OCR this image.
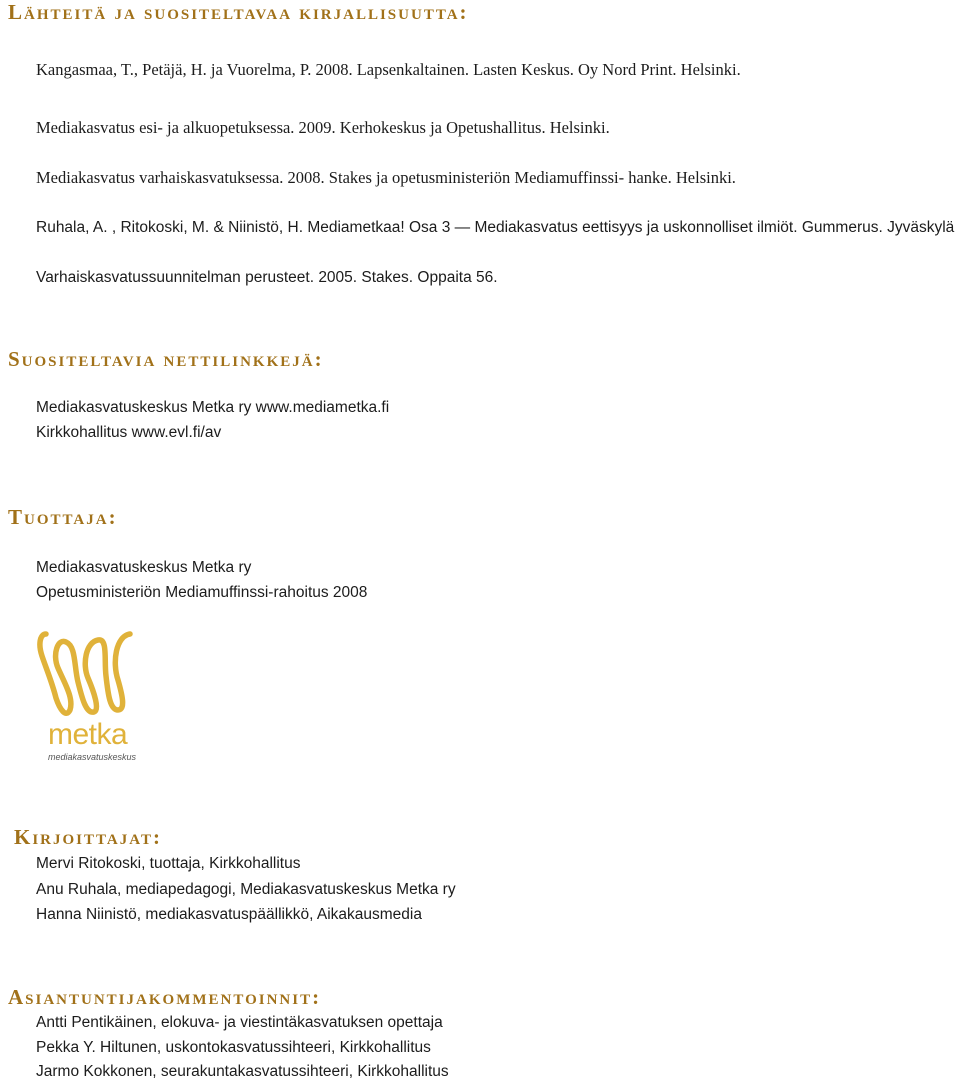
Lähteitä ja suositeltavaa kirjallisuutta:

Kangasmaa, T., Petäjä, H. ja Vuorelma, P. 2008. Lapsenkaltainen. Lasten Keskus. Oy Nord Print. Helsinki.

Mediakasvatus esi- ja alkuopetuksessa. 2009. Kerhokeskus ja Opetushallitus. Helsinki.

Mediakasvatus varhaiskasvatuksessa. 2008. Stakes ja opetusministeriön Mediamuffinssi- hanke. Helsinki.

Ruhala, A. , Ritokoski, M. & Niinistö, H. Mediametkaa! Osa 3 — Mediakasvatus eettisyys ja uskonnolliset ilmiöt. Gummerus. Jyväskylä

Varhaiskasvatussuunnitelman perusteet. 2005. Stakes. Oppaita 56.

Suositeltavia nettilinkkejä:

Mediakasvatuskeskus Metka ry www.mediametka.fi

Kirkkohallitus www.evl.fi/av

Tuottaja:

Mediakasvatuskeskus Metka ry

Opetusministeriön Mediamuffinssi-rahoitus 2008

metka
mediakasvatuskeskus
Kirjoittajat:

Mervi Ritokoski, tuottaja, Kirkkohallitus

Anu Ruhala, mediapedagogi, Mediakasvatuskeskus Metka ry

Hanna Niinistö, mediakasvatuspäällikkö, Aikakausmedia

Asiantuntijakommentoinnit:

Antti Pentikäinen, elokuva- ja viestintäkasvatuksen opettaja

Pekka Y. Hiltunen, uskontokasvatussihteeri, Kirkkohallitus

Jarmo Kokkonen, seurakuntakasvatussihteeri, Kirkkohallitus
